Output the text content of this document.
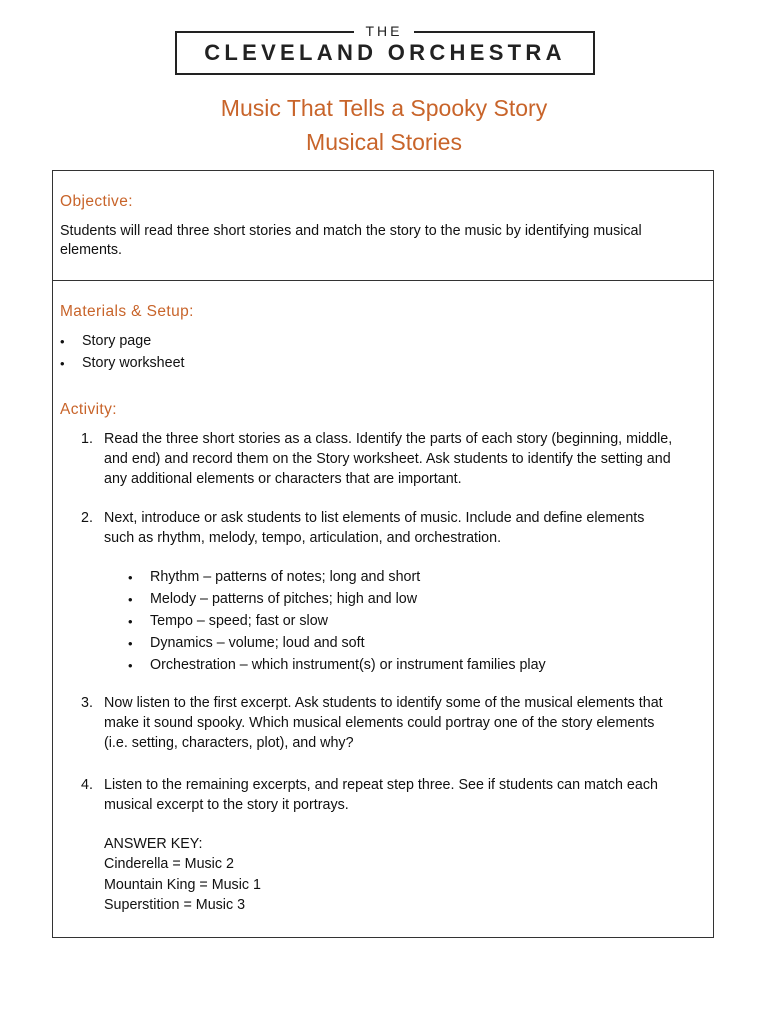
THE
CLEVELAND ORCHESTRA
Music That Tells a Spooky Story
Musical Stories
Objective:
Students will read three short stories and match the story to the music by identifying musical
elements.
Materials & Setup:
• Story page
• Story worksheet
Activity:
1. Read the three short stories as a class. Identify the parts of each story (beginning, middle,
and end) and record them on the Story worksheet. Ask students to identify the setting and
any additional elements or characters that are important.
2. Next, introduce or ask students to list elements of music. Include and define elements
such as rhythm, melody, tempo, articulation, and orchestration.
• Rhythm – patterns of notes; long and short
• Melody – patterns of pitches; high and low
• Tempo – speed; fast or slow
• Dynamics – volume; loud and soft
• Orchestration – which instrument(s) or instrument families play
3. Now listen to the first excerpt. Ask students to identify some of the musical elements that
make it sound spooky. Which musical elements could portray one of the story elements
(i.e. setting, characters, plot), and why?
4. Listen to the remaining excerpts, and repeat step three. See if students can match each
musical excerpt to the story it portrays.
ANSWER KEY:
Cinderella = Music 2
Mountain King = Music 1
Superstition = Music 3
